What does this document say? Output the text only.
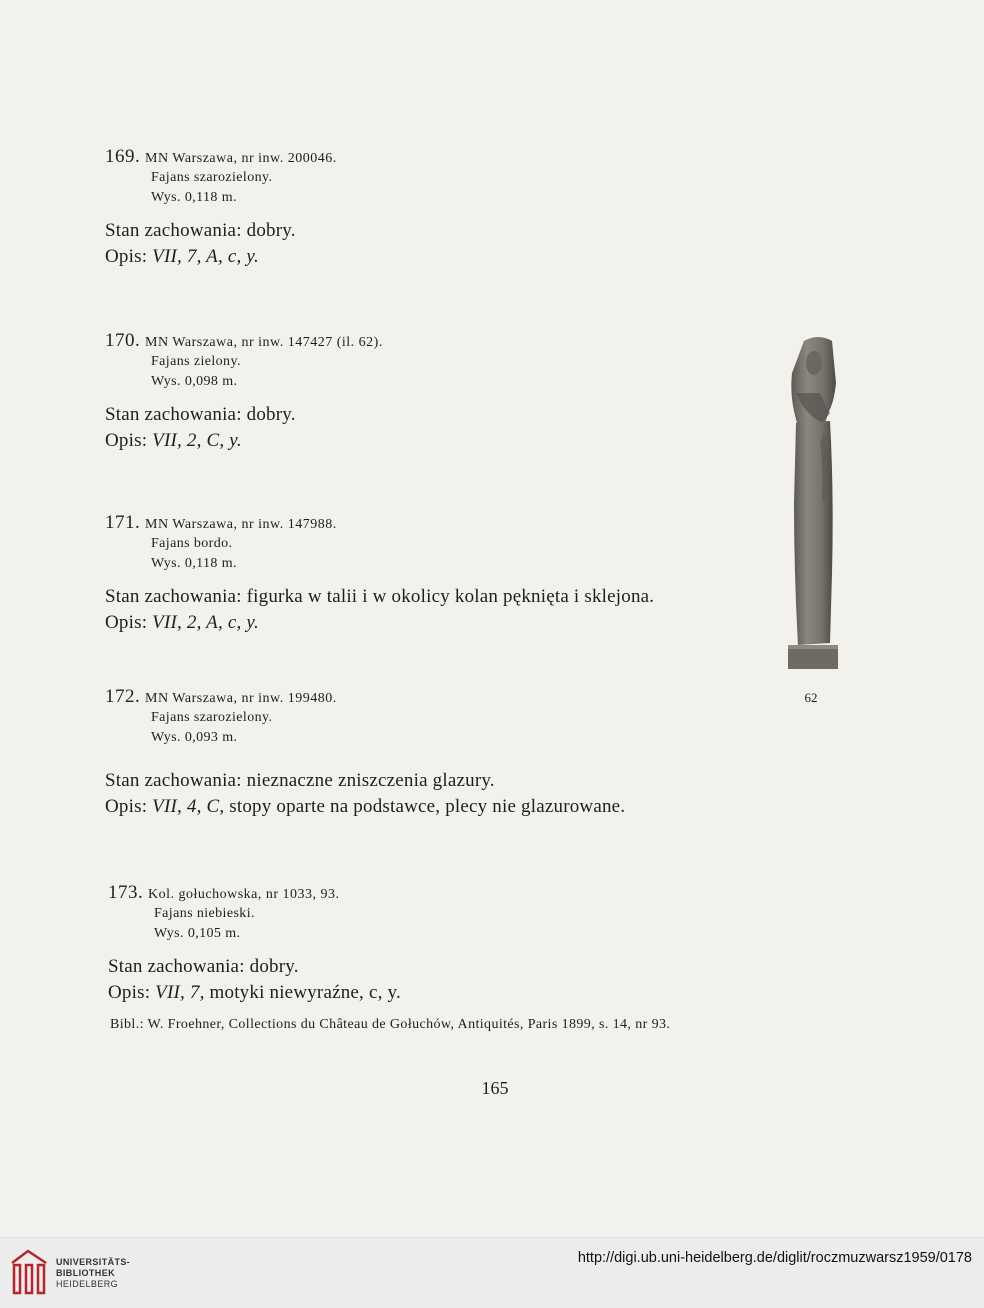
169. MN Warszawa, nr inw. 200046.
Fajans szarozielony.
Wys. 0,118 m.
Stan zachowania: dobry.
Opis: VII, 7, A, c, y.
170. MN Warszawa, nr inw. 147427 (il. 62).
Fajans zielony.
Wys. 0,098 m.
Stan zachowania: dobry.
Opis: VII, 2, C, y.
171. MN Warszawa, nr inw. 147988.
Fajans bordo.
Wys. 0,118 m.
Stan zachowania: figurka w talii i w okolicy kolan pęknięta i sklejona.
Opis: VII, 2, A, c, y.
172. MN Warszawa, nr inw. 199480.
Fajans szarozielony.
Wys. 0,093 m.
Stan zachowania: nieznaczne zniszczenia glazury.
Opis: VII, 4, C, stopy oparte na podstawce, plecy nie glazurowane.
173. Kol. gołuchowska, nr 1033, 93.
Fajans niebieski.
Wys. 0,105 m.
Stan zachowania: dobry.
Opis: VII, 7, motyki niewyraźne, c, y.
Bibl.: W. Froehner, Collections du Château de Gołuchów, Antiquités, Paris 1899, s. 14, nr 93.
165
62
UNIVERSITÄTS-
BIBLIOTHEK
HEIDELBERG
http://digi.ub.uni-heidelberg.de/diglit/roczmuzwarsz1959/0178
